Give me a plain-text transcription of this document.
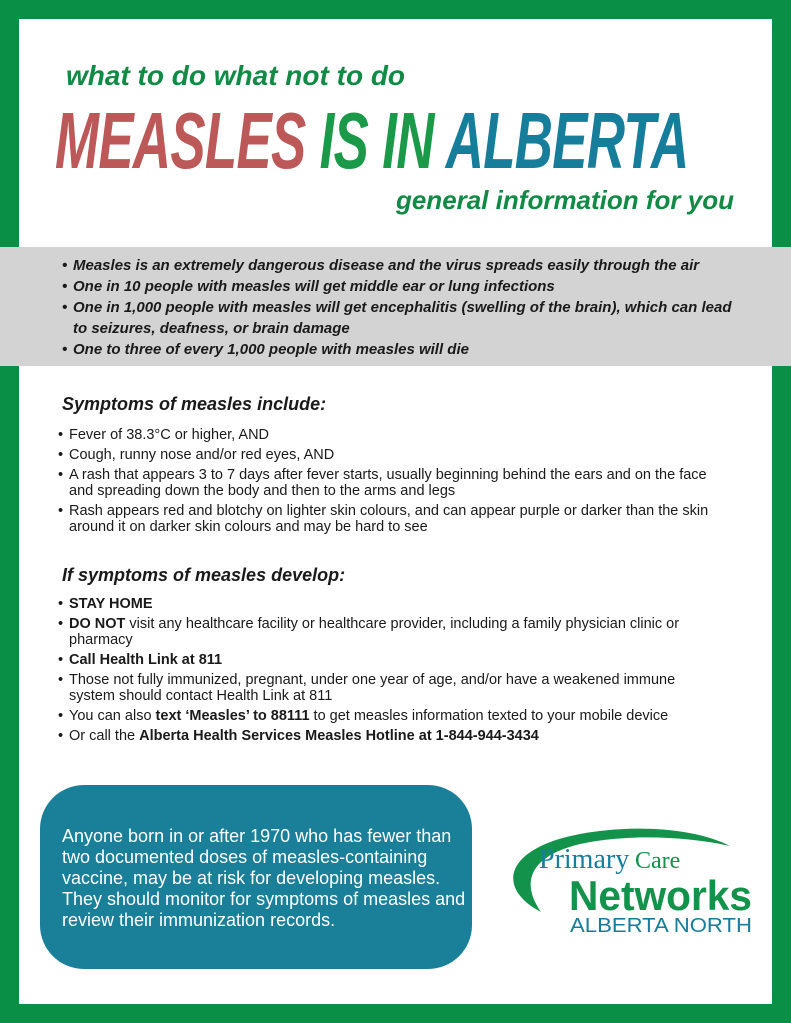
what to do what not to do

MEASLES IS IN ALBERTA

general information for you

• Measles is an extremely dangerous disease and the virus spreads easily through the air
• One in 10 people with measles will get middle ear or lung infections
• One in 1,000 people with measles will get encephalitis (swelling of the brain), which can lead to seizures, deafness, or brain damage
• One to three of every 1,000 people with measles will die
Symptoms of measles include:
• Fever of 38.3°C or higher, AND
• Cough, runny nose and/or red eyes, AND
• A rash that appears 3 to 7 days after fever starts, usually beginning behind the ears and on the face and spreading down the body and then to the arms and legs
• Rash appears red and blotchy on lighter skin colours, and can appear purple or darker than the skin around it on darker skin colours and may be hard to see
If symptoms of measles develop:
• STAY HOME
• DO NOT visit any healthcare facility or healthcare provider, including a family physician clinic or pharmacy
• Call Health Link at 811
• Those not fully immunized, pregnant, under one year of age, and/or have a weakened immune system should contact Health Link at 811
• You can also text ‘Measles’ to 88111 to get measles information texted to your mobile device
• Or call the Alberta Health Services Measles Hotline at 1-844-944-3434

Anyone born in or after 1970 who has fewer than two documented doses of measles-containing vaccine, may be at risk for developing measles. They should monitor for symptoms of measles and review their immunization records.

Primary Care
Networks
ALBERTA NORTH
